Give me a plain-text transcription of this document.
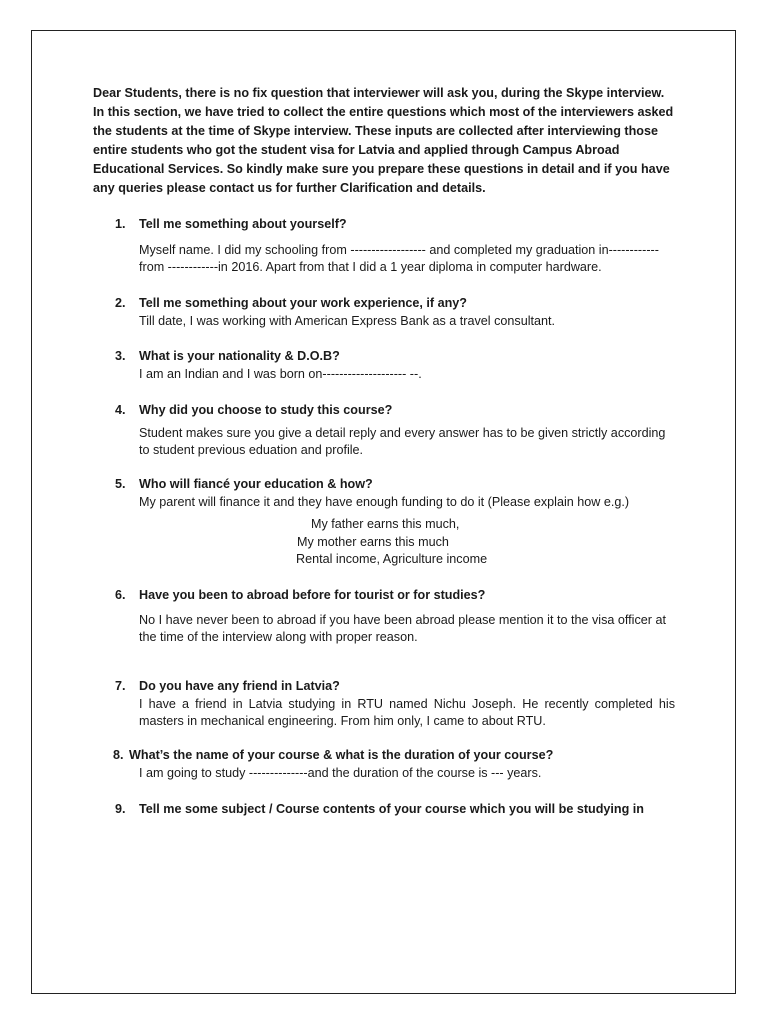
Dear Students, there is no fix question that interviewer will ask you, during the Skype interview. In this section, we have tried to collect the entire questions which most of the interviewers asked the students at the time of Skype interview. These inputs are collected after interviewing those entire students who got the student visa for Latvia and applied through Campus Abroad Educational Services. So kindly make sure you prepare these questions in detail and if you have any queries please contact us for further Clarification and details.

1. Tell me something about yourself?

Myself name. I did my schooling from ------------------ and completed my graduation in------------ from ------------in 2016. Apart from that I did a 1 year diploma in computer hardware.

2. Tell me something about your work experience, if any?

Till date, I was working with American Express Bank as a travel consultant.

3. What is your nationality & D.O.B?

I am an Indian and I was born on-------------------- --.

4. Why did you choose to study this course?

Student makes sure you give a detail reply and every answer has to be given strictly according to student previous eduation and profile.

5. Who will fiancé your education & how?

My parent will finance it and they have enough funding to do it (Please explain how e.g.)

My father earns this much,
My mother earns this much
Rental income, Agriculture income

6. Have you been to abroad before for tourist or for studies?

No I have never been to abroad if you have been abroad please mention it to the visa officer at the time of the interview along with proper reason.

7. Do you have any friend in Latvia?

I have a friend in Latvia studying in RTU named Nichu Joseph. He recently completed his masters in mechanical engineering. From him only, I came to about RTU.

8. What’s the name of your course & what is the duration of your course?

I am going to study --------------and the duration of the course is --- years.

9. Tell me some subject / Course contents of your course which you will be studying in
